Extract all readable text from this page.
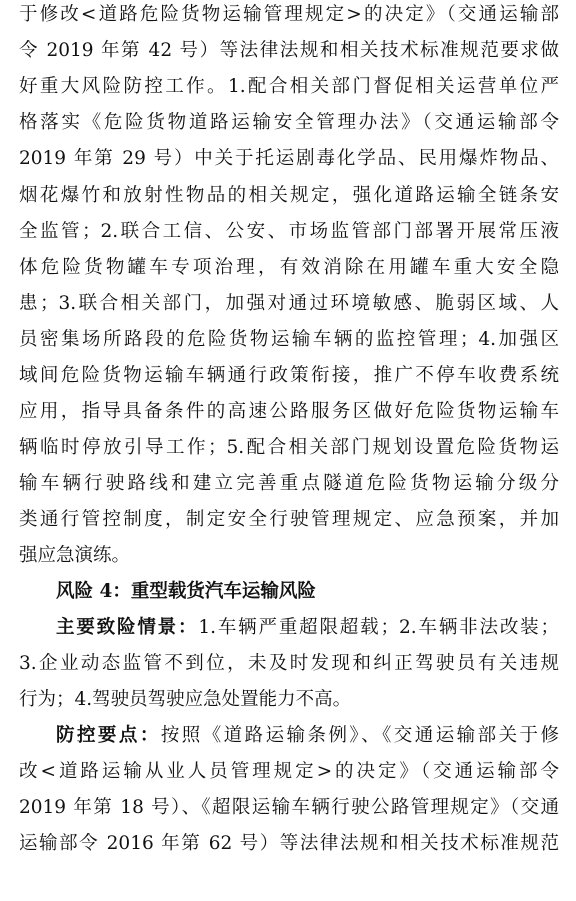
于修改<道路危险货物运输管理规定>的决定》（交通运输部
令 2019 年第 42 号）等法律法规和相关技术标准规范要求做
好重大风险防控工作。1.配合相关部门督促相关运营单位严
格落实《危险货物道路运输安全管理办法》（交通运输部令
2019 年第 29 号）中关于托运剧毒化学品、民用爆炸物品、
烟花爆竹和放射性物品的相关规定，强化道路运输全链条安
全监管；2.联合工信、公安、市场监管部门部署开展常压液
体危险货物罐车专项治理，有效消除在用罐车重大安全隐
患；3.联合相关部门，加强对通过环境敏感、脆弱区域、人
员密集场所路段的危险货物运输车辆的监控管理；4.加强区
域间危险货物运输车辆通行政策衔接，推广不停车收费系统
应用，指导具备条件的高速公路服务区做好危险货物运输车
辆临时停放引导工作；5.配合相关部门规划设置危险货物运
输车辆行驶路线和建立完善重点隧道危险货物运输分级分
类通行管控制度，制定安全行驶管理规定、应急预案，并加
强应急演练。
风险 4：重型载货汽车运输风险
主要致险情景：1.车辆严重超限超载；2.车辆非法改装；
3.企业动态监管不到位，未及时发现和纠正驾驶员有关违规
行为；4.驾驶员驾驶应急处置能力不高。
防控要点：按照《道路运输条例》、《交通运输部关于修
改<道路运输从业人员管理规定>的决定》（交通运输部令
2019 年第 18 号）、《超限运输车辆行驶公路管理规定》（交通
运输部令 2016 年第 62 号）等法律法规和相关技术标准规范
